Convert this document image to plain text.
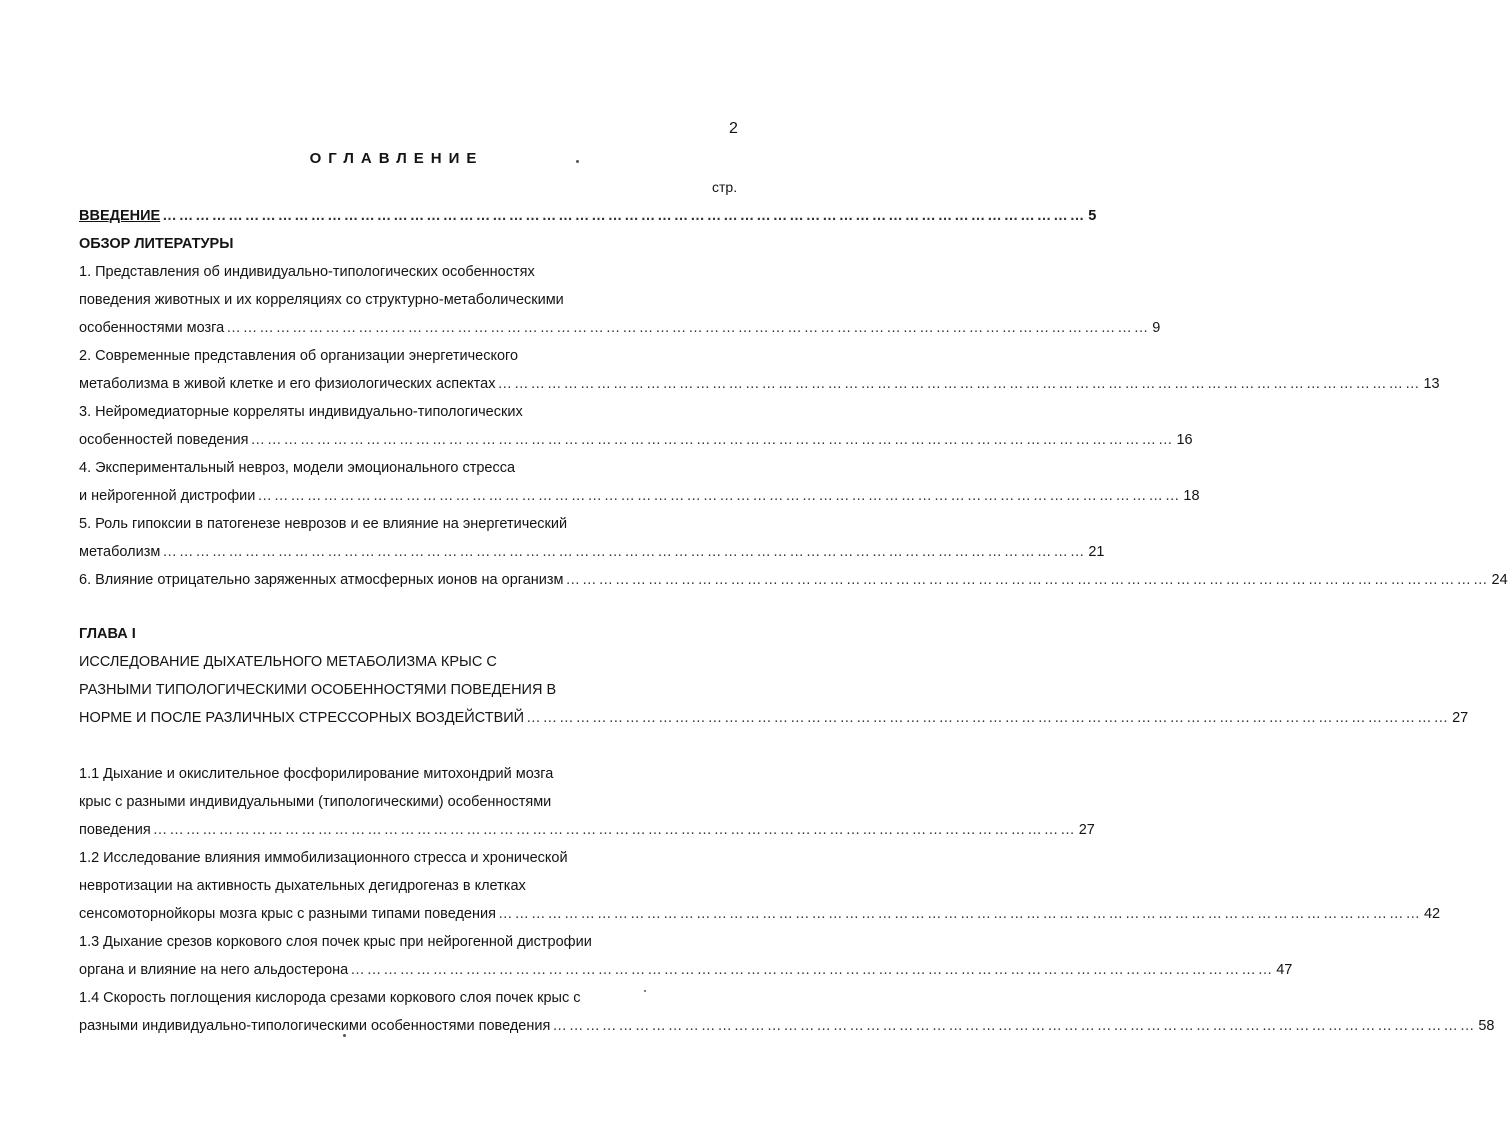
2
ОГЛАВЛЕНИЕ
стр.
ВВЕДЕНИЕ …………………………………………………………………………………………………………………………………………………… 5
ОБЗОР ЛИТЕРАТУРЫ
1. Представления об индивидуально-типологических особенностях
поведения животных и их корреляциях со структурно-метаболическими
особенностями мозга …………………………………………………………………………………………………………………………………………………… 9
2. Современные представления об организации энергетического
метаболизма в живой клетке и его физиологических аспектах …………………………………………………………………………………………………………………………………………………… 13
3. Нейромедиаторные корреляты индивидуально-типологических
особенностей поведения …………………………………………………………………………………………………………………………………………………… 16
4. Экспериментальный невроз, модели эмоционального стресса
и нейрогенной дистрофии …………………………………………………………………………………………………………………………………………………… 18
5. Роль гипоксии в патогенезе неврозов и ее влияние на энергетический
метаболизм …………………………………………………………………………………………………………………………………………………… 21
6. Влияние отрицательно заряженных атмосферных ионов на организм …………………………………………………………………………………………………………………………………………………… 24
ГЛАВА I
ИССЛЕДОВАНИЕ ДЫХАТЕЛЬНОГО МЕТАБОЛИЗМА КРЫС С
РАЗНЫМИ ТИПОЛОГИЧЕСКИМИ ОСОБЕННОСТЯМИ ПОВЕДЕНИЯ В
НОРМЕ И ПОСЛЕ РАЗЛИЧНЫХ СТРЕССОРНЫХ ВОЗДЕЙСТВИЙ …………………………………………………………………………………………………………………………………………………… 27
1.1 Дыхание и окислительное фосфорилирование митохондрий мозга
крыс с разными индивидуальными (типологическими) особенностями
поведения …………………………………………………………………………………………………………………………………………………… 27
1.2 Исследование влияния иммобилизационного стресса и хронической
невротизации на активность дыхательных дегидрогеназ в клетках
сенсомоторнойкоры мозга крыс с разными типами поведения …………………………………………………………………………………………………………………………………………………… 42
1.3 Дыхание срезов коркового слоя почек крыс при нейрогенной дистрофии
органа и влияние на него альдостерона …………………………………………………………………………………………………………………………………………………… 47
1.4 Скорость поглощения кислорода срезами коркового слоя почек крыс с
разными индивидуально-типологическими особенностями поведения …………………………………………………………………………………………………………………………………………………… 58
